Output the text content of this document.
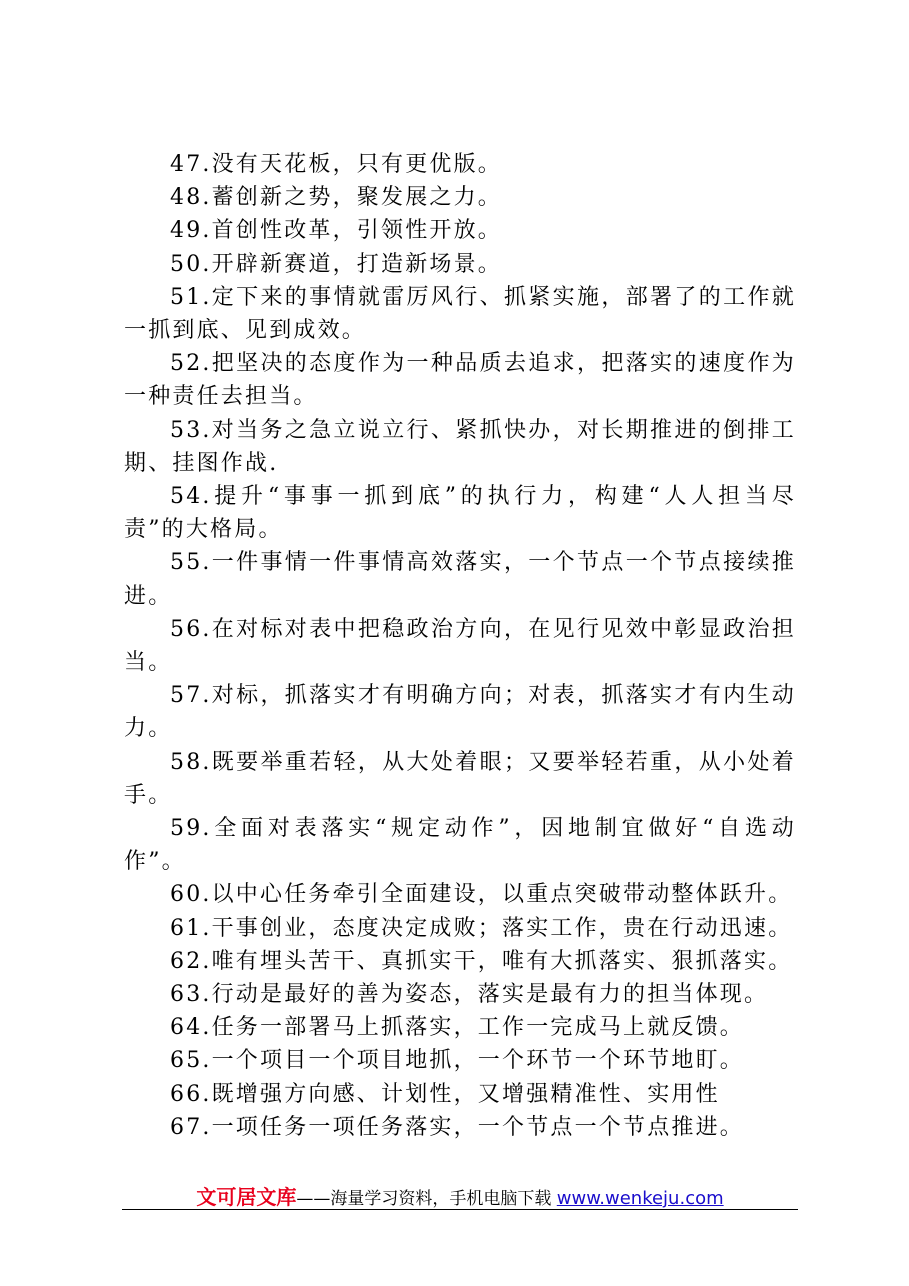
47.没有天花板，只有更优版。

48.蓄创新之势，聚发展之力。

49.首创性改革，引领性开放。

50.开辟新赛道，打造新场景。

51.定下来的事情就雷厉风行、抓紧实施，部署了的工作就一抓到底、见到成效。

52.把坚决的态度作为一种品质去追求，把落实的速度作为一种责任去担当。

53.对当务之急立说立行、紧抓快办，对长期推进的倒排工期、挂图作战.

54.提升“事事一抓到底”的执行力，构建“人人担当尽责”的大格局。

55.一件事情一件事情高效落实，一个节点一个节点接续推进。

56.在对标对表中把稳政治方向，在见行见效中彰显政治担当。

57.对标，抓落实才有明确方向；对表，抓落实才有内生动力。

58.既要举重若轻，从大处着眼；又要举轻若重，从小处着手。

59.全面对表落实“规定动作”，因地制宜做好“自选动作”。

60.以中心任务牵引全面建设，以重点突破带动整体跃升。

61.干事创业，态度决定成败；落实工作，贵在行动迅速。

62.唯有埋头苦干、真抓实干，唯有大抓落实、狠抓落实。

63.行动是最好的善为姿态，落实是最有力的担当体现。

64.任务一部署马上抓落实，工作一完成马上就反馈。

65.一个项目一个项目地抓，一个环节一个环节地盯。

66.既增强方向感、计划性，又增强精准性、实用性

67.一项任务一项任务落实，一个节点一个节点推进。

文可居文库——海量学习资料，手机电脑下载 www.wenkeju.com
